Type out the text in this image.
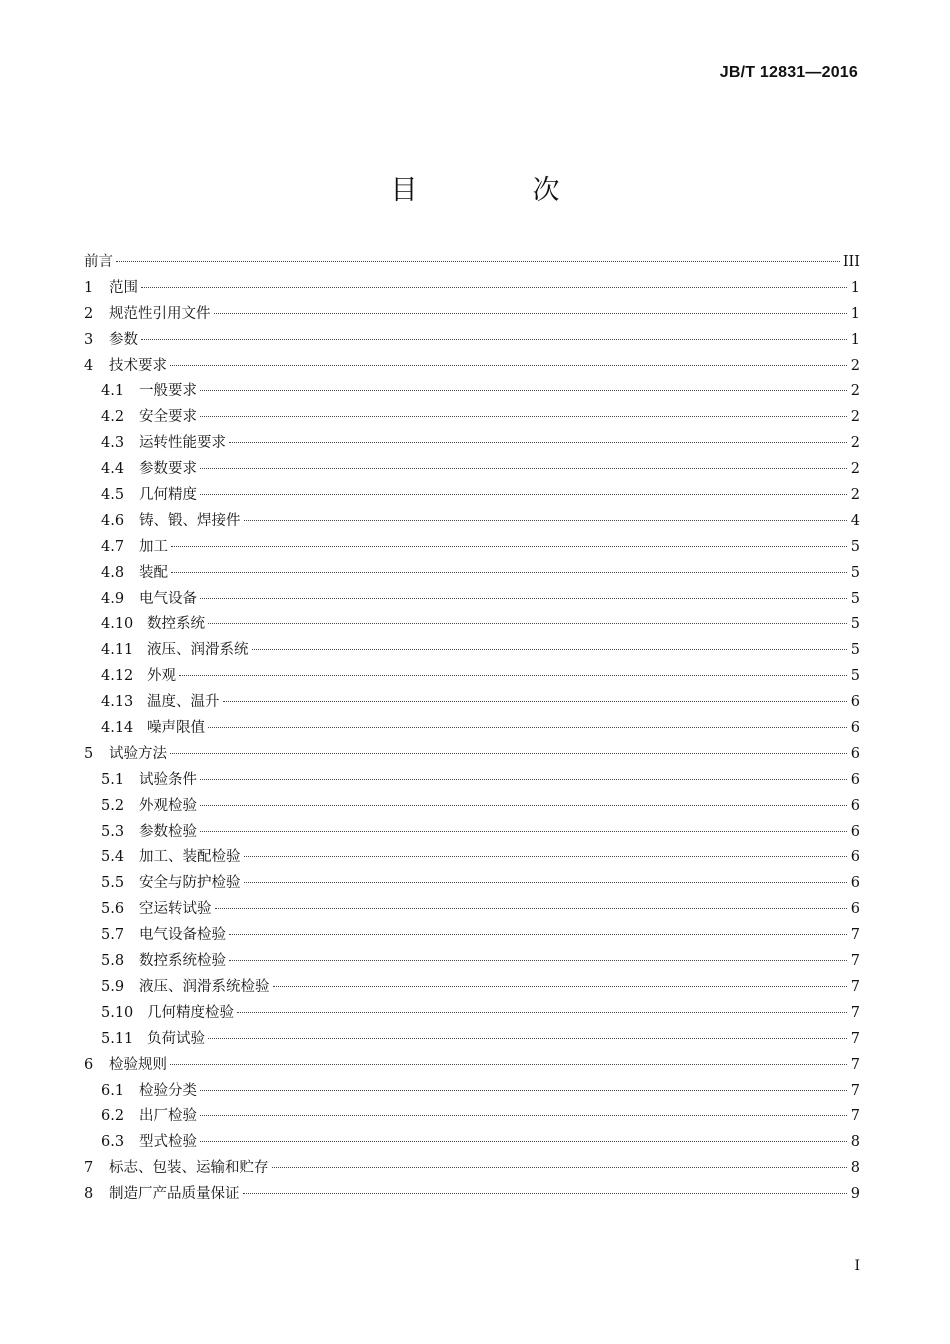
JB/T 12831—2016
目　次
前言	III
1	范围	1
2	规范性引用文件	1
3	参数	1
4	技术要求	2
4.1	一般要求	2
4.2	安全要求	2
4.3	运转性能要求	2
4.4	参数要求	2
4.5	几何精度	2
4.6	铸、锻、焊接件	4
4.7	加工	5
4.8	装配	5
4.9	电气设备	5
4.10 数控系统	5
4.11 液压、润滑系统	5
4.12 外观	5
4.13 温度、温升	6
4.14 噪声限值	6
5	试验方法	6
5.1	试验条件	6
5.2	外观检验	6
5.3	参数检验	6
5.4	加工、装配检验	6
5.5	安全与防护检验	6
5.6	空运转试验	6
5.7	电气设备检验	7
5.8	数控系统检验	7
5.9	液压、润滑系统检验	7
5.10 几何精度检验	7
5.11 负荷试验	7
6	检验规则	7
6.1	检验分类	7
6.2	出厂检验	7
6.3	型式检验	8
7	标志、包装、运输和贮存	8
8	制造厂产品质量保证	9
I
